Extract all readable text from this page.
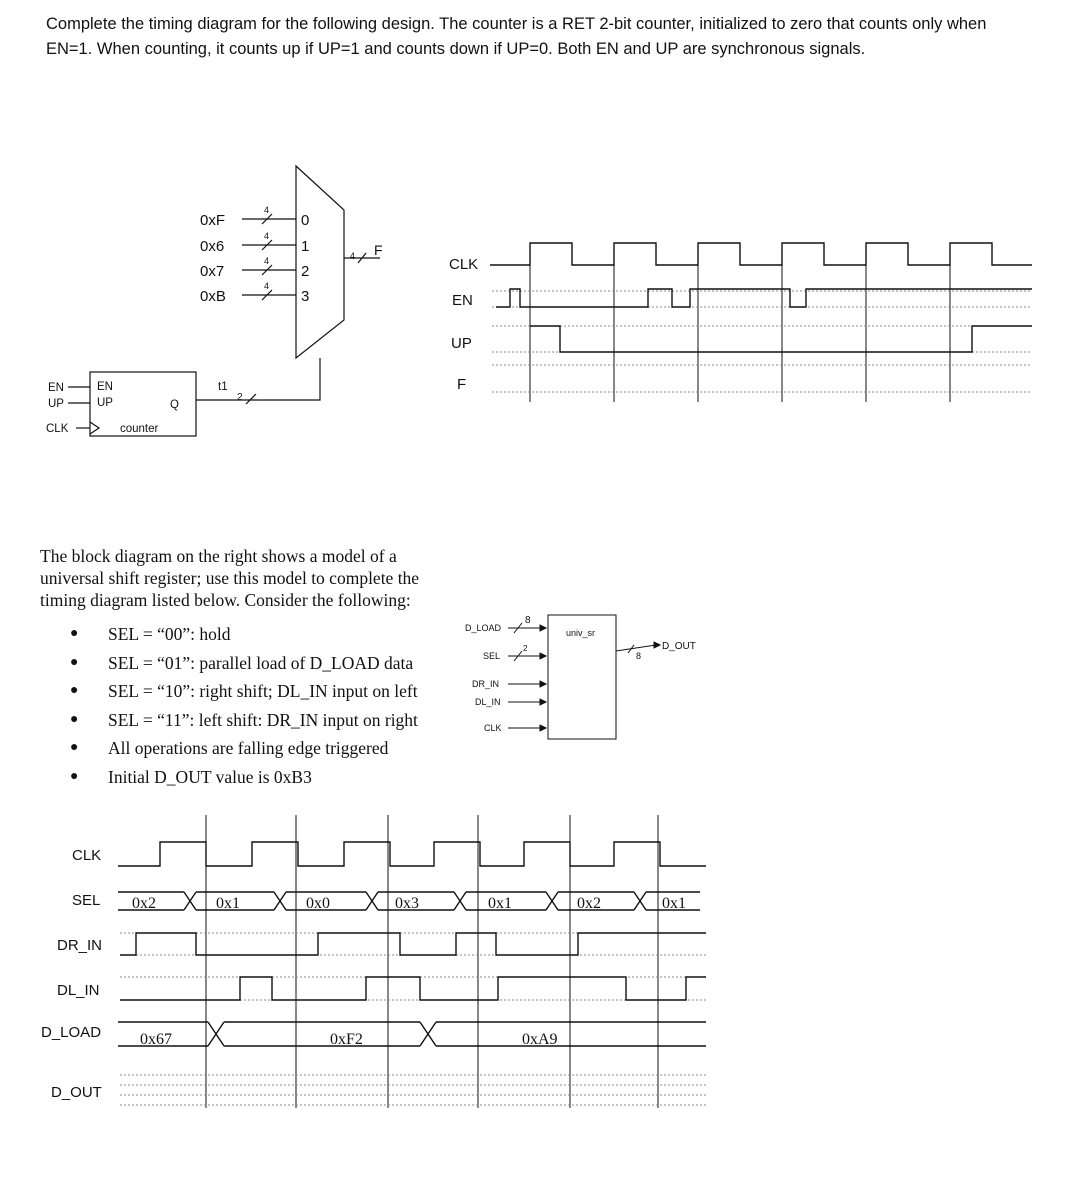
Complete the timing diagram for the following design. The counter is a RET 2-bit counter, initialized to zero that counts only when EN=1. When counting, it counts up if UP=1 and counts down if UP=0. Both EN and UP are synchronous signals.
EN
UP
CLK
EN
UP	Q
counter
t1
2
0xF
0x6
0x7
0xB
4
4
4
4
0
1
2
3
4 F
CLK
EN
UP
F
The block diagram on the right shows a model of a universal shift register; use this model to complete the timing diagram listed below. Consider the following:
● SEL = “00”: hold
● SEL = “01”: parallel load of D_LOAD data
● SEL = “10”: right shift; DL_IN input on left
● SEL = “11”: left shift: DR_IN input on right
● All operations are falling edge triggered
● Initial D_OUT value is 0xB3
univ_sr
D_LOAD
SEL
DR_IN
DL_IN
CLK
8
2
8
D_OUT
CLK
SEL
DR_IN
DL_IN
D_LOAD
D_OUT
0x2	0x1	0x0	0x3	0x1	0x2	0x1
0x67	0xF2	0xA9
